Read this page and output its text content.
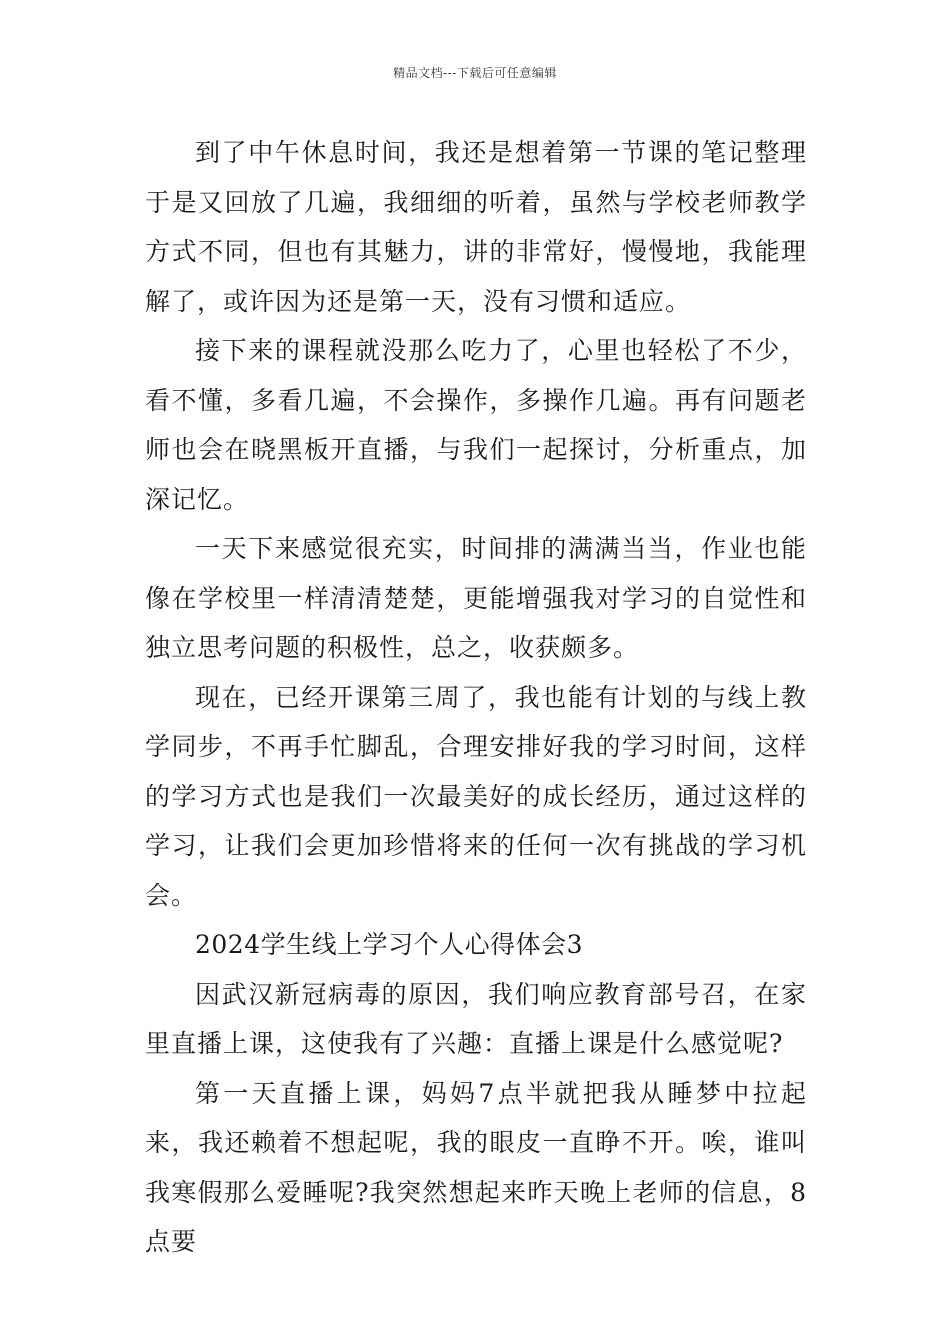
精品文档---下载后可任意编辑

到了中午休息时间，我还是想着第一节课的笔记整理于是又回放了几遍，我细细的听着，虽然与学校老师教学方式不同，但也有其魅力，讲的非常好，慢慢地，我能理解了，或许因为还是第一天，没有习惯和适应。

接下来的课程就没那么吃力了，心里也轻松了不少，看不懂，多看几遍，不会操作，多操作几遍。再有问题老师也会在晓黑板开直播，与我们一起探讨，分析重点，加深记忆。

一天下来感觉很充实，时间排的满满当当，作业也能像在学校里一样清清楚楚，更能增强我对学习的自觉性和独立思考问题的积极性，总之，收获颇多。

现在，已经开课第三周了，我也能有计划的与线上教学同步，不再手忙脚乱，合理安排好我的学习时间，这样的学习方式也是我们一次最美好的成长经历，通过这样的学习，让我们会更加珍惜将来的任何一次有挑战的学习机会。

2024学生线上学习个人心得体会3

因武汉新冠病毒的原因，我们响应教育部号召，在家里直播上课，这使我有了兴趣：直播上课是什么感觉呢?

第一天直播上课，妈妈7点半就把我从睡梦中拉起来，我还赖着不想起呢，我的眼皮一直睁不开。唉，谁叫我寒假那么爱睡呢?我突然想起来昨天晚上老师的信息，8点要
